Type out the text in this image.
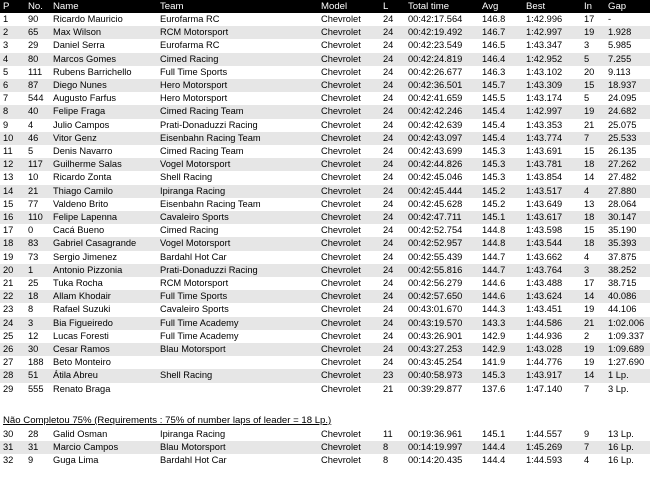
P	No.	Name	Team	Model	L	Total time	Avg	Best	In	Gap
1	90	Ricardo Mauricio	Eurofarma RC	Chevrolet	24	00:42:17.564	146.8	1:42.996	17	-
2	65	Max Wilson	RCM Motorsport	Chevrolet	24	00:42:19.492	146.7	1:42.997	19	1.928
3	29	Daniel Serra	Eurofarma RC	Chevrolet	24	00:42:23.549	146.5	1:43.347	3	5.985
4	80	Marcos Gomes	Cimed Racing	Chevrolet	24	00:42:24.819	146.4	1:42.952	5	7.255
5	111	Rubens Barrichello	Full Time Sports	Chevrolet	24	00:42:26.677	146.3	1:43.102	20	9.113
6	87	Diego Nunes	Hero Motorsport	Chevrolet	24	00:42:36.501	145.7	1:43.309	15	18.937
7	544	Augusto Farfus	Hero Motorsport	Chevrolet	24	00:42:41.659	145.5	1:43.174	5	24.095
8	40	Felipe Fraga	Cimed Racing Team	Chevrolet	24	00:42:42.246	145.4	1:42.997	19	24.682
9	4	Julio Campos	Prati-Donaduzzi Racing	Chevrolet	24	00:42:42.639	145.4	1:43.353	21	25.075
10	46	Vitor Genz	Eisenbahn Racing Team	Chevrolet	24	00:42:43.097	145.4	1:43.774	7	25.533
11	5	Denis Navarro	Cimed Racing Team	Chevrolet	24	00:42:43.699	145.3	1:43.691	15	26.135
12	117	Guilherme Salas	Vogel Motorsport	Chevrolet	24	00:42:44.826	145.3	1:43.781	18	27.262
13	10	Ricardo Zonta	Shell Racing	Chevrolet	24	00:42:45.046	145.3	1:43.854	14	27.482
14	21	Thiago Camilo	Ipiranga Racing	Chevrolet	24	00:42:45.444	145.2	1:43.517	4	27.880
15	77	Valdeno Brito	Eisenbahn Racing Team	Chevrolet	24	00:42:45.628	145.2	1:43.649	13	28.064
16	110	Felipe Lapenna	Cavaleiro Sports	Chevrolet	24	00:42:47.711	145.1	1:43.617	18	30.147
17	0	Cacá Bueno	Cimed Racing	Chevrolet	24	00:42:52.754	144.8	1:43.598	15	35.190
18	83	Gabriel Casagrande	Vogel Motorsport	Chevrolet	24	00:42:52.957	144.8	1:43.544	18	35.393
19	73	Sergio Jimenez	Bardahl Hot Car	Chevrolet	24	00:42:55.439	144.7	1:43.662	4	37.875
20	1	Antonio Pizzonia	Prati-Donaduzzi Racing	Chevrolet	24	00:42:55.816	144.7	1:43.764	3	38.252
21	25	Tuka Rocha	RCM Motorsport	Chevrolet	24	00:42:56.279	144.6	1:43.488	17	38.715
22	18	Allam Khodair	Full Time Sports	Chevrolet	24	00:42:57.650	144.6	1:43.624	14	40.086
23	8	Rafael Suzuki	Cavaleiro Sports	Chevrolet	24	00:43:01.670	144.3	1:43.451	19	44.106
24	3	Bia Figueiredo	Full Time Academy	Chevrolet	24	00:43:19.570	143.3	1:44.586	21	1:02.006
25	12	Lucas Foresti	Full Time Academy	Chevrolet	24	00:43:26.901	142.9	1:44.936	2	1:09.337
26	30	Cesar Ramos	Blau Motorsport	Chevrolet	24	00:43:27.253	142.9	1:43.028	19	1:09.689
27	188	Beto Monteiro		Chevrolet	24	00:43:45.254	141.9	1:44.776	19	1:27.690
28	51	Átila Abreu	Shell Racing	Chevrolet	23	00:40:58.973	145.3	1:43.917	14	1 Lp.
29	555	Renato Braga		Chevrolet	21	00:39:29.877	137.6	1:47.140	7	3 Lp.

Não Completou 75% (Requirements : 75% of number laps of leader = 18 Lp.)										
30	28	Galid Osman	Ipiranga Racing	Chevrolet	11	00:19:36.961	145.1	1:44.557	9	13 Lp.
31	31	Marcio Campos	Blau Motorsport	Chevrolet	8	00:14:19.997	144.4	1:45.269	7	16 Lp.
32	9	Guga Lima	Bardahl Hot Car	Chevrolet	8	00:14:20.435	144.4	1:44.593	4	16 Lp.
